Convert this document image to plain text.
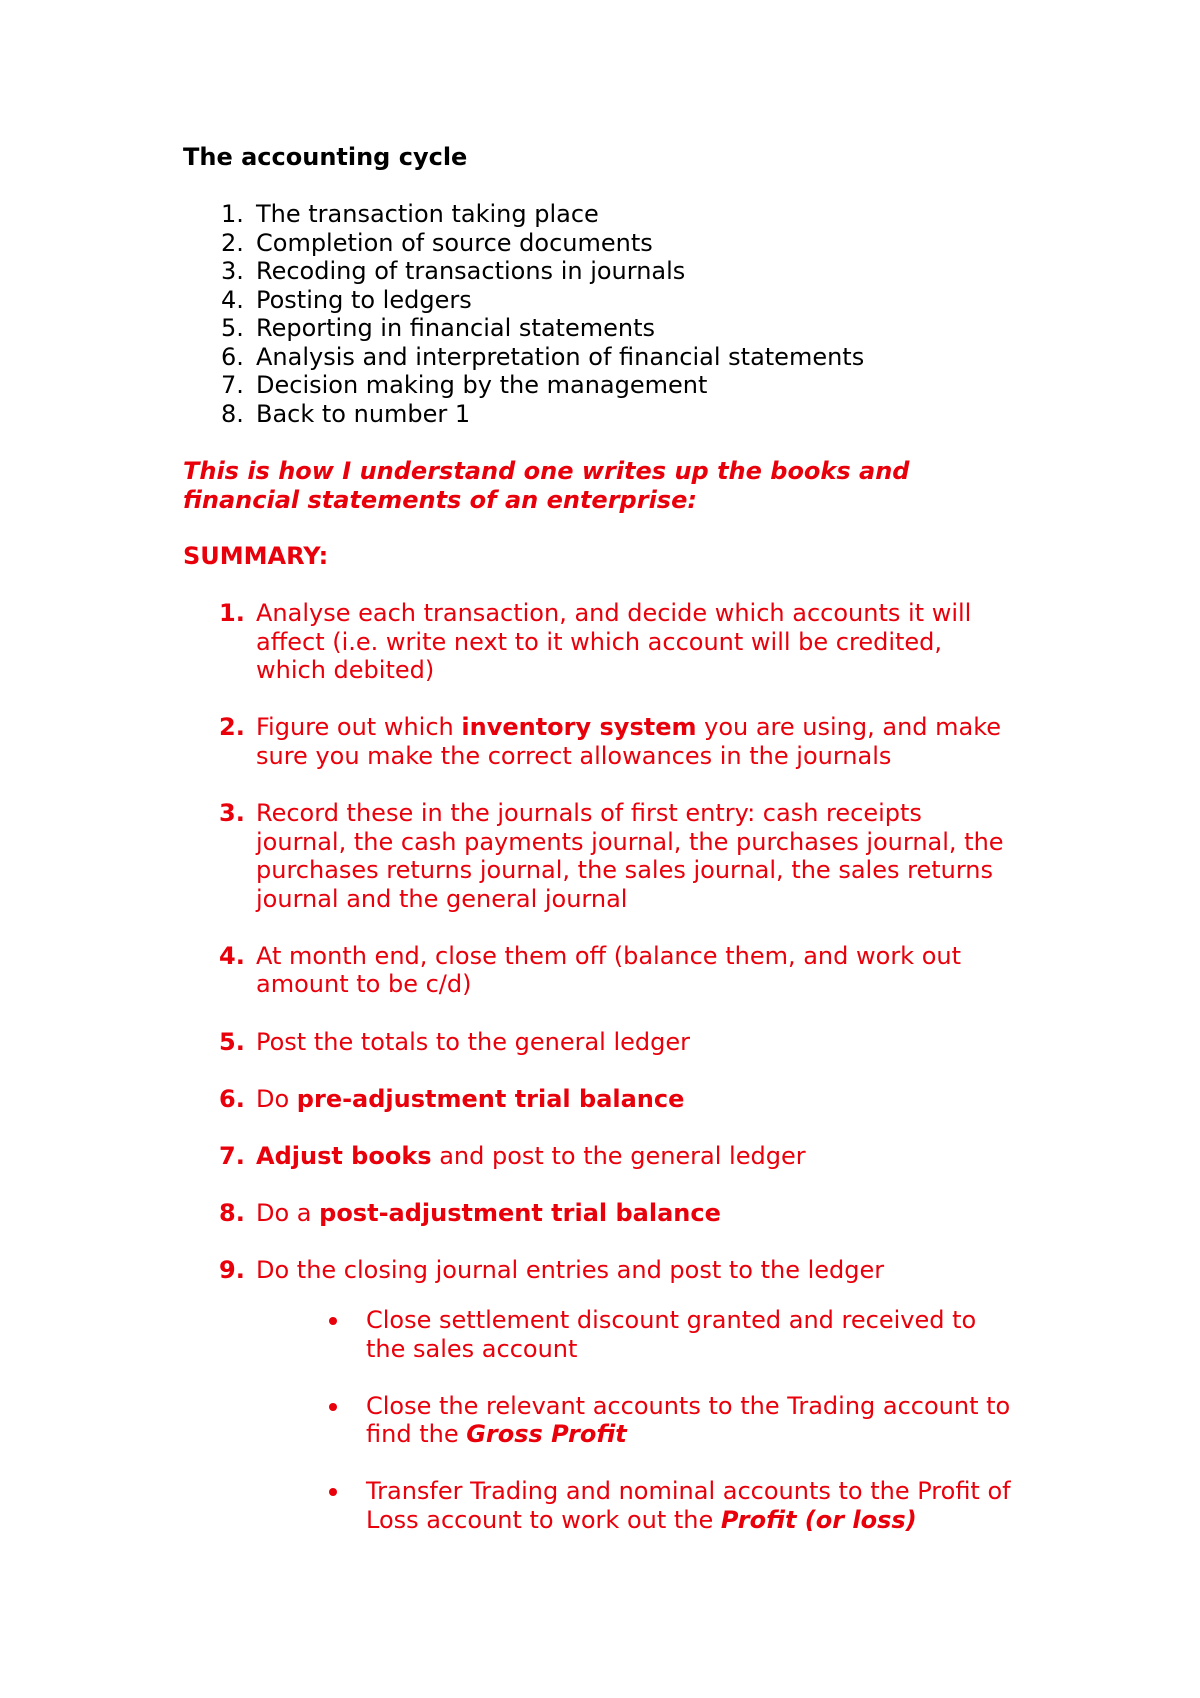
The accounting cycle
1. The transaction taking place
2. Completion of source documents
3. Recoding of transactions in journals
4. Posting to ledgers
5. Reporting in financial statements
6. Analysis and interpretation of financial statements
7. Decision making by the management
8. Back to number 1
This is how I understand one writes up the books and
financial statements of an enterprise:
SUMMARY:
1. Analyse each transaction, and decide which accounts it will
affect (i.e. write next to it which account will be credited,
which debited)
2. Figure out which inventory system you are using, and make
sure you make the correct allowances in the journals
3. Record these in the journals of first entry: cash receipts
journal, the cash payments journal, the purchases journal, the
purchases returns journal, the sales journal, the sales returns
journal and the general journal
4. At month end, close them off (balance them, and work out
amount to be c/d)
5. Post the totals to the general ledger
6. Do pre-adjustment trial balance
7. Adjust books and post to the general ledger
8. Do a post-adjustment trial balance
9. Do the closing journal entries and post to the ledger
Close settlement discount granted and received to
the sales account
Close the relevant accounts to the Trading account to
find the Gross Profit
Transfer Trading and nominal accounts to the Profit of
Loss account to work out the Profit (or loss)
